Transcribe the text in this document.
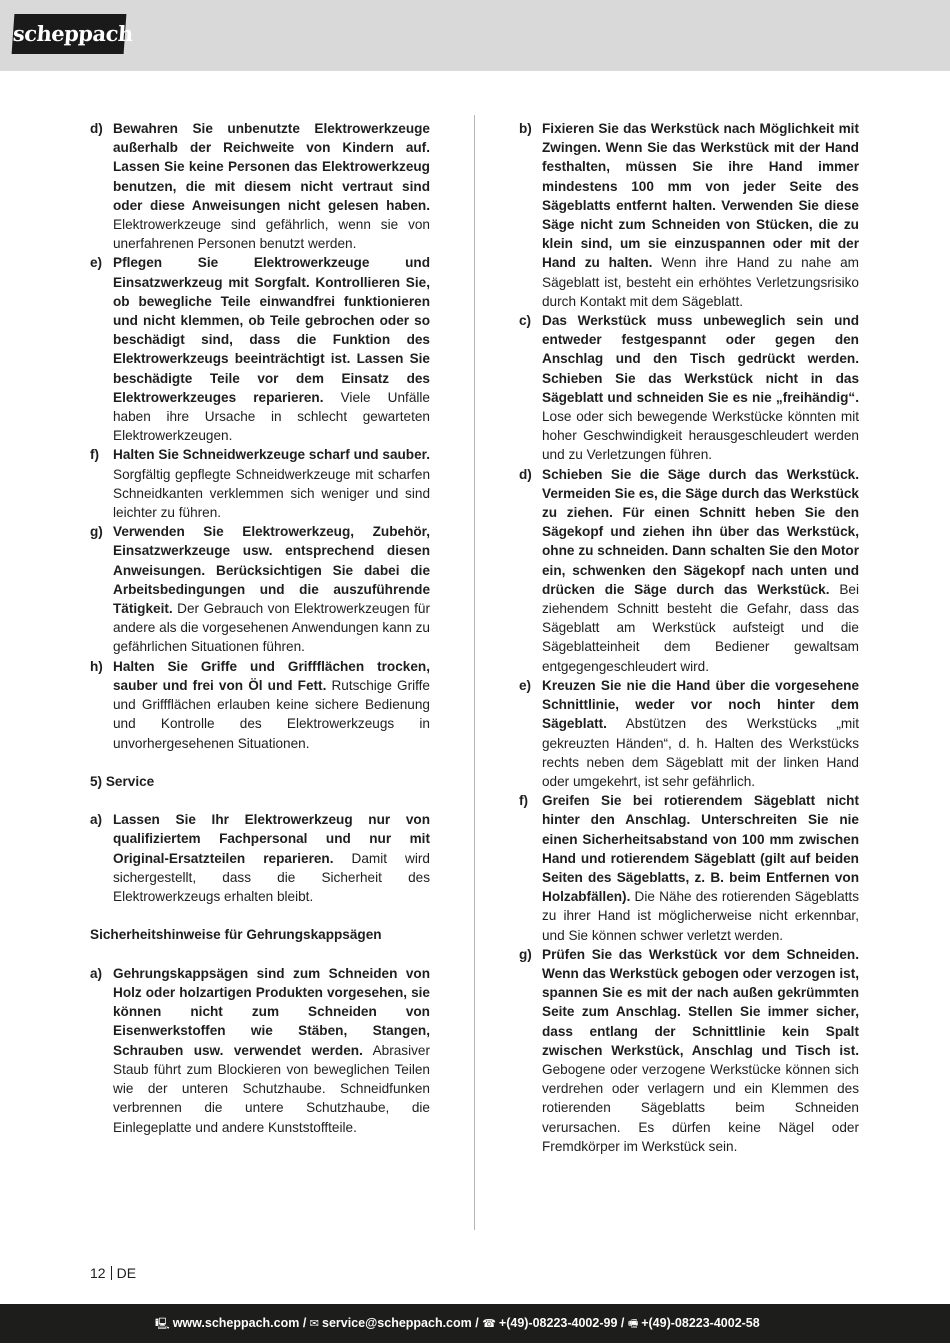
scheppach
d) Bewahren Sie unbenutzte Elektrowerkzeuge außerhalb der Reichweite von Kindern auf. Lassen Sie keine Personen das Elektrowerkzeug benutzen, die mit diesem nicht vertraut sind oder diese Anweisungen nicht gelesen haben. Elektrowerkzeuge sind gefährlich, wenn sie von unerfahrenen Personen benutzt werden.
e) Pflegen Sie Elektrowerkzeuge und Einsatzwerkzeug mit Sorgfalt. Kontrollieren Sie, ob bewegliche Teile einwandfrei funktionieren und nicht klemmen, ob Teile gebrochen oder so beschädigt sind, dass die Funktion des Elektrowerkzeugs beeinträchtigt ist. Lassen Sie beschädigte Teile vor dem Einsatz des Elektrowerkzeuges reparieren. Viele Unfälle haben ihre Ursache in schlecht gewarteten Elektrowerkzeugen.
f)	Halten Sie Schneidwerkzeuge scharf und sauber. Sorgfältig gepflegte Schneidwerkzeuge mit scharfen Schneidkanten verklemmen sich weniger und sind leichter zu führen.
g) Verwenden Sie Elektrowerkzeug, Zubehör, Einsatzwerkzeuge usw. entsprechend diesen Anweisungen. Berücksichtigen Sie dabei die Arbeitsbedingungen und die auszuführende Tätigkeit. Der Gebrauch von Elektrowerkzeugen für andere als die vorgesehenen Anwendungen kann zu gefährlichen Situationen führen.
h) Halten Sie Griffe und Griffflächen trocken, sauber und frei von Öl und Fett. Rutschige Griffe und Griffflächen erlauben keine sichere Bedienung und Kontrolle des Elektrowerkzeugs in unvorhergesehenen Situationen.

5) Service

a) Lassen Sie Ihr Elektrowerkzeug nur von qualifiziertem Fachpersonal und nur mit Original-Ersatzteilen reparieren. Damit wird sichergestellt, dass die Sicherheit des Elektrowerkzeugs erhalten bleibt.

Sicherheitshinweise für Gehrungskappsägen

a) Gehrungskappsägen sind zum Schneiden von Holz oder holzartigen Produkten vorgesehen, sie können nicht zum Schneiden von Eisenwerkstoffen wie Stäben, Stangen, Schrauben usw. verwendet werden. Abrasiver Staub führt zum Blockieren von beweglichen Teilen wie der unteren Schutzhaube. Schneidfunken verbrennen die untere Schutzhaube, die Einlegeplatte und andere Kunststoffteile.
b) Fixieren Sie das Werkstück nach Möglichkeit mit Zwingen. Wenn Sie das Werkstück mit der Hand festhalten, müssen Sie ihre Hand immer mindestens 100 mm von jeder Seite des Sägeblatts entfernt halten. Verwenden Sie diese Säge nicht zum Schneiden von Stücken, die zu klein sind, um sie einzuspannen oder mit der Hand zu halten. Wenn ihre Hand zu nahe am Sägeblatt ist, besteht ein erhöhtes Verletzungsrisiko durch Kontakt mit dem Sägeblatt.
c) Das Werkstück muss unbeweglich sein und entweder festgespannt oder gegen den Anschlag und den Tisch gedrückt werden. Schieben Sie das Werkstück nicht in das Sägeblatt und schneiden Sie es nie „freihändig“. Lose oder sich bewegende Werkstücke könnten mit hoher Geschwindigkeit herausgeschleudert werden und zu Verletzungen führen.
d) Schieben Sie die Säge durch das Werkstück. Vermeiden Sie es, die Säge durch das Werkstück zu ziehen. Für einen Schnitt heben Sie den Sägekopf und ziehen ihn über das Werkstück, ohne zu schneiden. Dann schalten Sie den Motor ein, schwenken den Sägekopf nach unten und drücken die Säge durch das Werkstück. Bei ziehendem Schnitt besteht die Gefahr, dass das Sägeblatt am Werkstück aufsteigt und die Sägeblatteinheit dem Bediener gewaltsam entgegengeschleudert wird.
e) Kreuzen Sie nie die Hand über die vorgesehene Schnittlinie, weder vor noch hinter dem Sägeblatt. Abstützen des Werkstücks „mit gekreuzten Händen“, d. h. Halten des Werkstücks rechts neben dem Sägeblatt mit der linken Hand oder umgekehrt, ist sehr gefährlich.
f)	Greifen Sie bei rotierendem Sägeblatt nicht hinter den Anschlag. Unterschreiten Sie nie einen Sicherheitsabstand von 100 mm zwischen Hand und rotierendem Sägeblatt (gilt auf beiden Seiten des Sägeblatts, z. B. beim Entfernen von Holzabfällen). Die Nähe des rotierenden Sägeblatts zu ihrer Hand ist möglicherweise nicht erkennbar, und Sie können schwer verletzt werden.
g) Prüfen Sie das Werkstück vor dem Schneiden. Wenn das Werkstück gebogen oder verzogen ist, spannen Sie es mit der nach außen gekrümmten Seite zum Anschlag. Stellen Sie immer sicher, dass entlang der Schnittlinie kein Spalt zwischen Werkstück, Anschlag und Tisch ist. Gebogene oder verzogene Werkstücke können sich verdrehen oder verlagern und ein Klemmen des rotierenden Sägeblatts beim Schneiden verursachen. Es dürfen keine Nägel oder Fremdkörper im Werkstück sein.
12 DE
🖳 www.scheppach.com / ✉ service@scheppach.com / ☎ +(49)-08223-4002-99 / 🖷 +(49)-08223-4002-58
